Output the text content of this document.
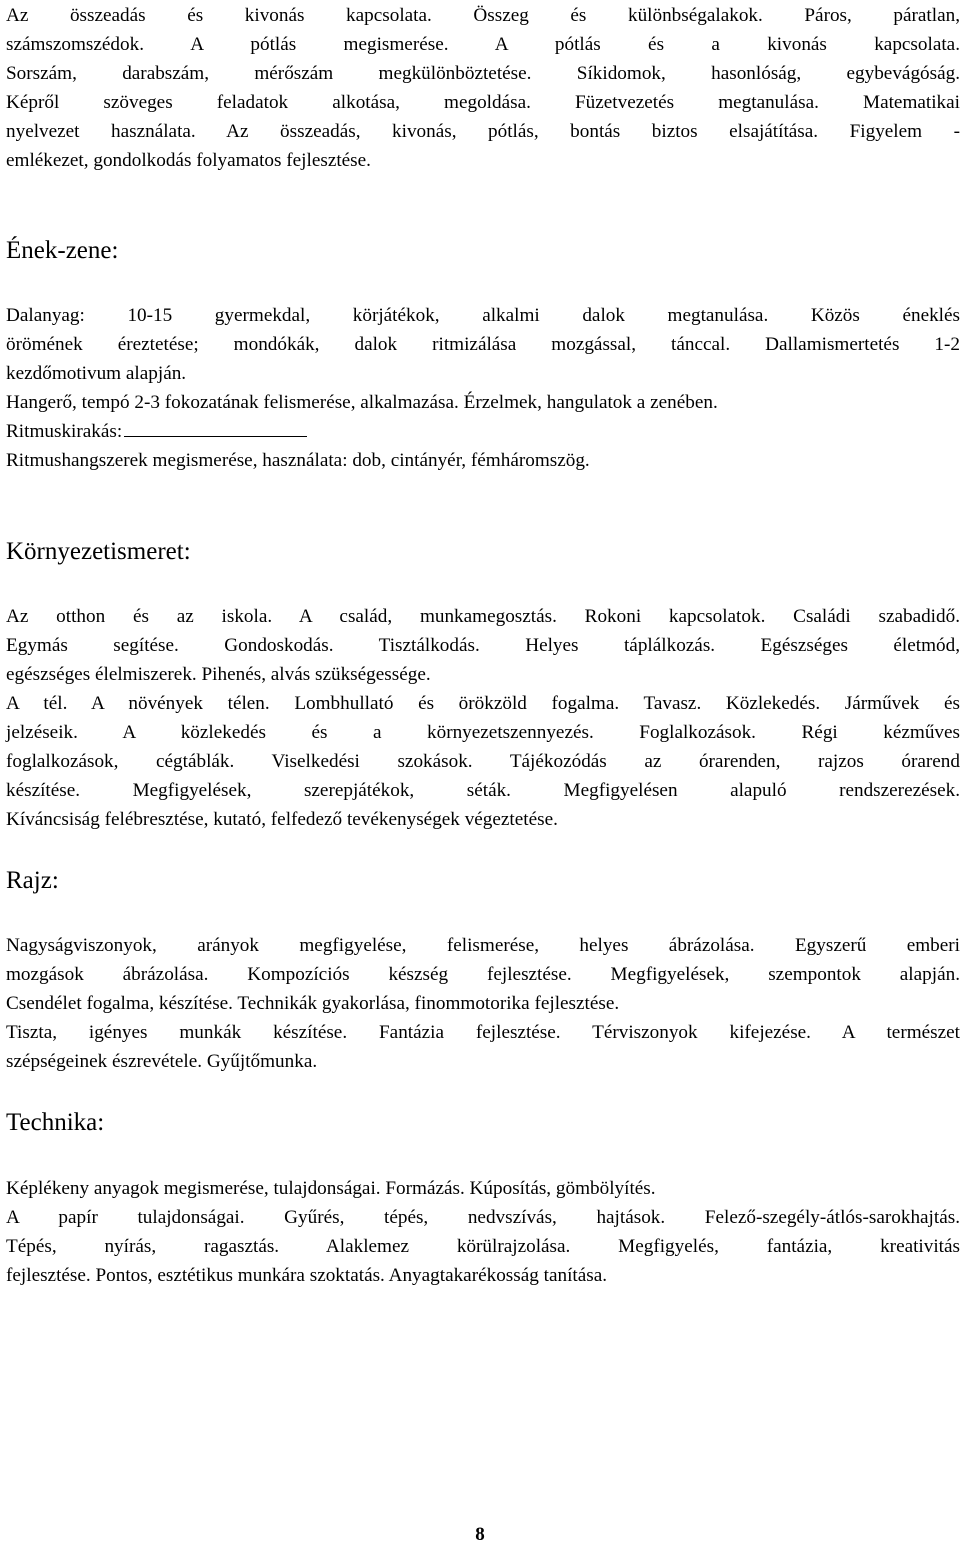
Az összeadás és kivonás kapcsolata. Összeg és különbségalakok. Páros, páratlan,
számszomszédok. A pótlás megismerése. A pótlás és a kivonás kapcsolata.
Sorszám, darabszám, mérőszám megkülönböztetése. Síkidomok, hasonlóság, egybevágóság.
Képről szöveges feladatok alkotása, megoldása. Füzetvezetés megtanulása. Matematikai
nyelvezet használata. Az összeadás, kivonás, pótlás, bontás biztos elsajátítása. Figyelem -
emlékezet, gondolkodás folyamatos fejlesztése.
Ének-zene:
Dalanyag: 10-15 gyermekdal, körjátékok, alkalmi dalok megtanulása. Közös éneklés
örömének éreztetése; mondókák, dalok ritmizálása mozgással, tánccal. Dallamismertetés 1-2
kezdőmotivum alapján.
Hangerő, tempó 2-3 fokozatának felismerése, alkalmazása. Érzelmek, hangulatok a zenében.
Ritmuskirakás:
Ritmushangszerek megismerése, használata: dob, cintányér, fémháromszög.
Környezetismeret:
Az otthon és az iskola. A család, munkamegosztás. Rokoni kapcsolatok. Családi szabadidő.
Egymás segítése. Gondoskodás. Tisztálkodás. Helyes táplálkozás. Egészséges életmód,
egészséges élelmiszerek. Pihenés, alvás szükségessége.
A tél. A növények télen. Lombhullató és örökzöld fogalma. Tavasz. Közlekedés. Járművek és
jelzéseik. A közlekedés és a környezetszennyezés. Foglalkozások. Régi kézműves
foglalkozások, cégtáblák. Viselkedési szokások. Tájékozódás az órarenden, rajzos órarend
készítése. Megfigyelések, szerepjátékok, séták. Megfigyelésen alapuló rendszerezések.
Kíváncsiság felébresztése, kutató, felfedező tevékenységek végeztetése.
Rajz:
Nagyságviszonyok, arányok megfigyelése, felismerése, helyes ábrázolása. Egyszerű emberi
mozgások ábrázolása. Kompozíciós készség fejlesztése. Megfigyelések, szempontok alapján.
Csendélet fogalma, készítése. Technikák gyakorlása, finommotorika fejlesztése.
Tiszta, igényes munkák készítése. Fantázia fejlesztése. Térviszonyok kifejezése. A természet
szépségeinek észrevétele. Gyűjtőmunka.
Technika:
Képlékeny anyagok megismerése, tulajdonságai. Formázás. Kúposítás, gömbölyítés.
A papír tulajdonságai. Gyűrés, tépés, nedvszívás, hajtások. Felező-szegély-átlós-sarokhajtás.
Tépés, nyírás, ragasztás. Alaklemez körülrajzolása. Megfigyelés, fantázia, kreativitás
fejlesztése. Pontos, esztétikus munkára szoktatás. Anyagtakarékosság tanítása.
8
